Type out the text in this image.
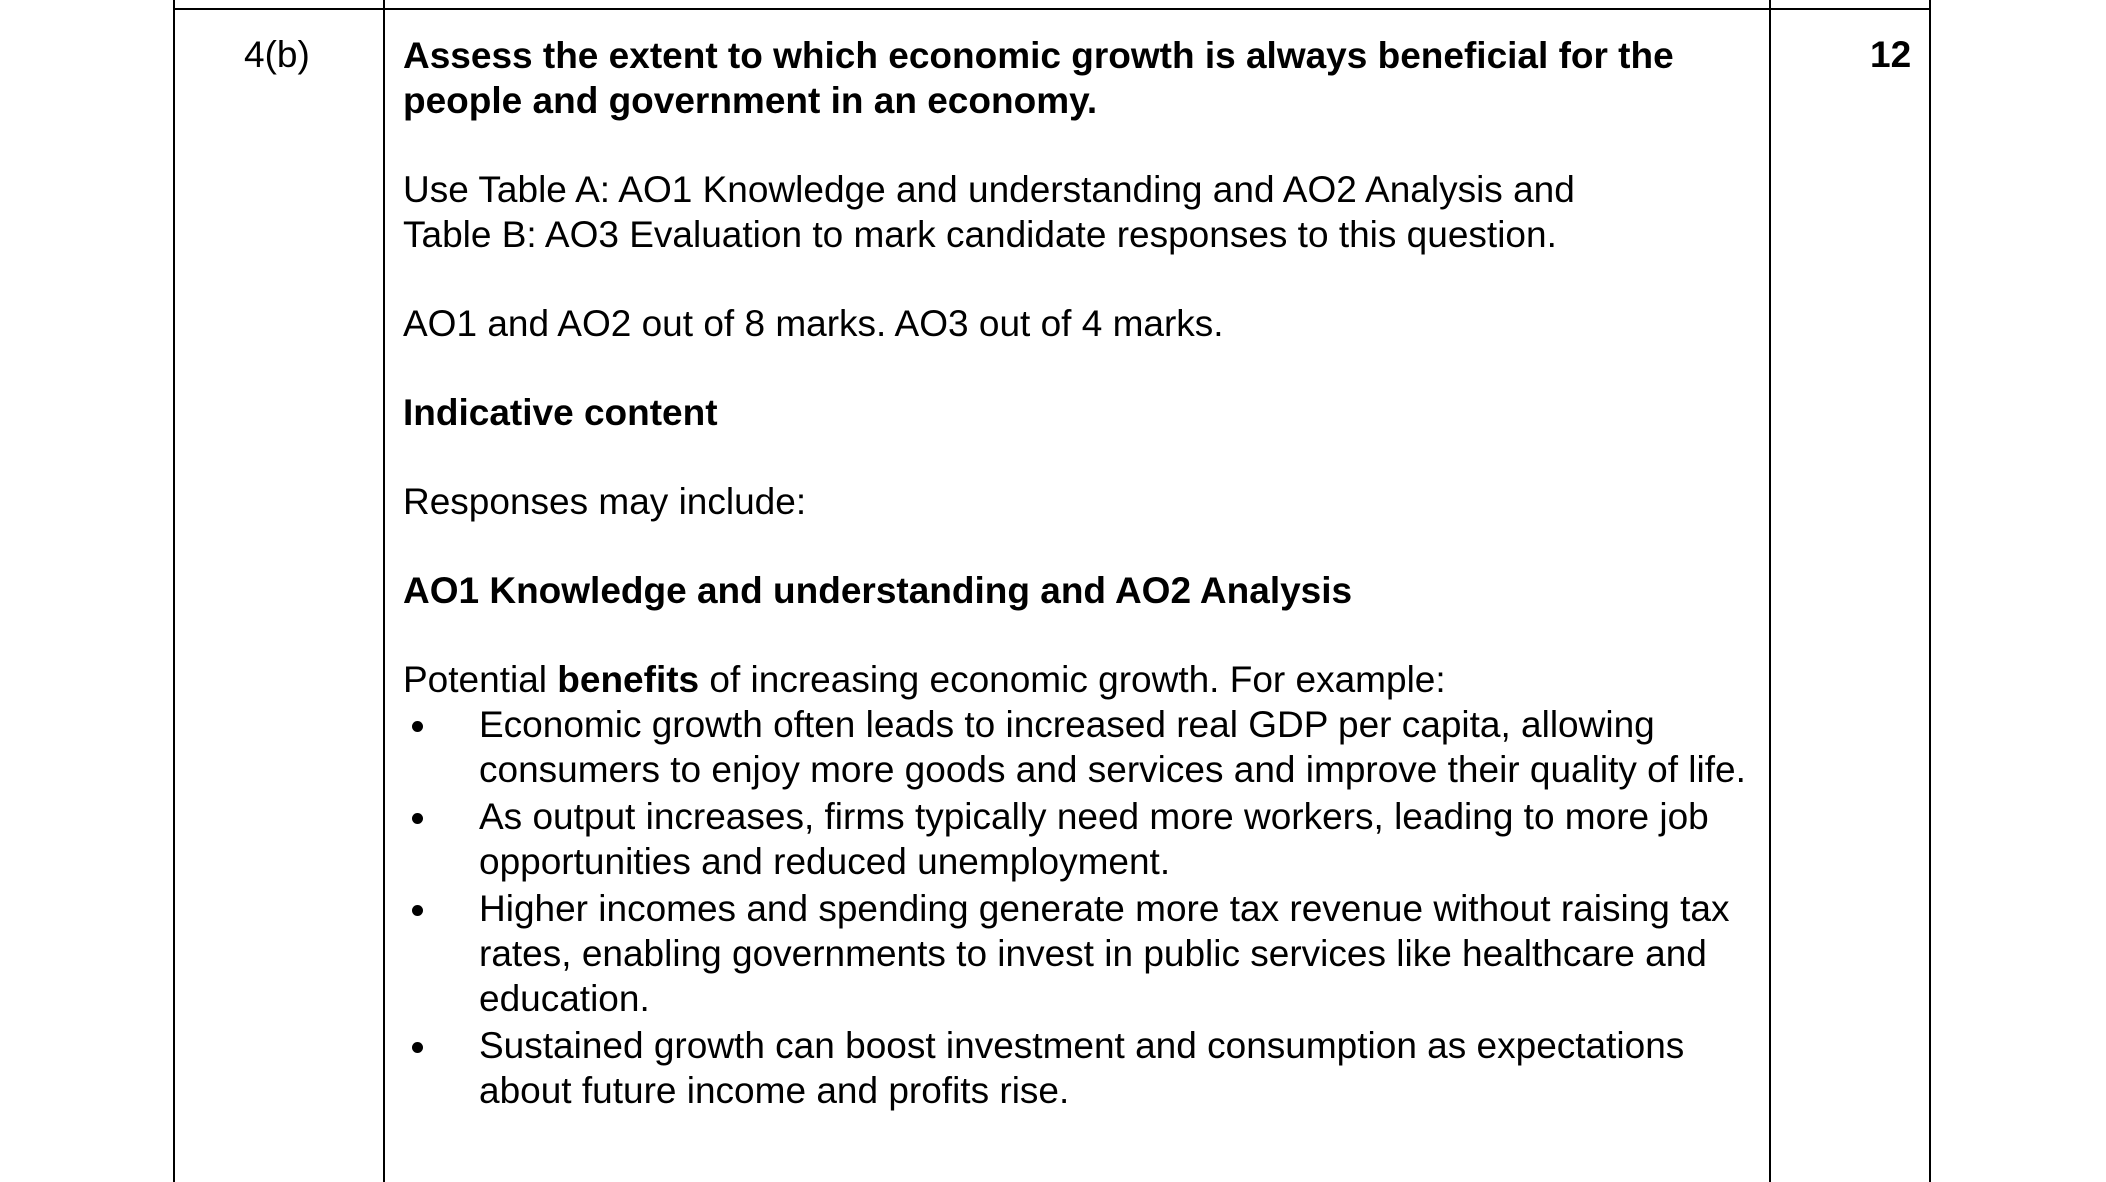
4(b)	12

Assess the extent to which economic growth is always beneficial for the people and government in an economy.

Use Table A: AO1 Knowledge and understanding and AO2 Analysis and

Table B: AO3 Evaluation to mark candidate responses to this question.

AO1 and AO2 out of 8 marks. AO3 out of 4 marks.

Indicative content

Responses may include:

AO1 Knowledge and understanding and AO2 Analysis

Potential benefits of increasing economic growth. For example:

Economic growth often leads to increased real GDP per capita, allowing consumers to enjoy more goods and services and improve their quality of life.
As output increases, firms typically need more workers, leading to more job opportunities and reduced unemployment.
Higher incomes and spending generate more tax revenue without raising tax rates, enabling governments to invest in public services like healthcare and education.
Sustained growth can boost investment and consumption as expectations about future income and profits rise.
